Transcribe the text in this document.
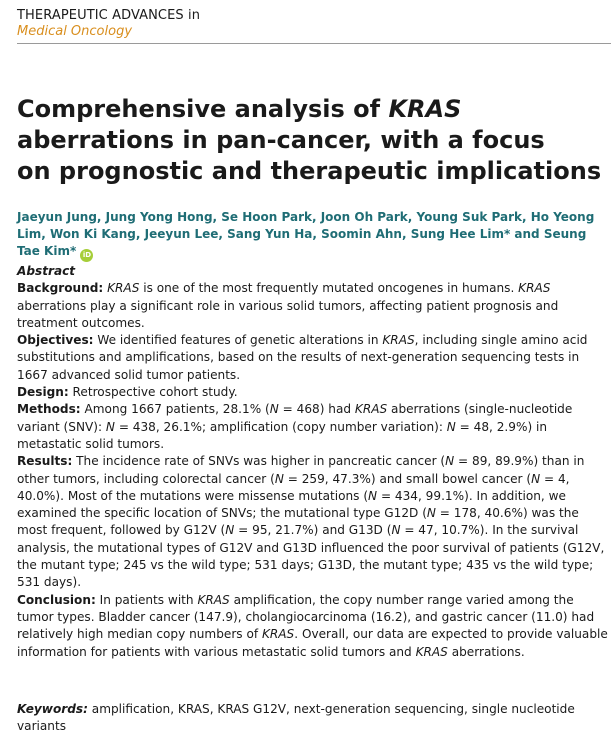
THERAPEUTIC ADVANCES in
Medical Oncology
Comprehensive analysis of KRAS
aberrations in pan-cancer, with a focus
on prognostic and therapeutic implications
Jaeyun Jung, Jung Yong Hong, Se Hoon Park, Joon Oh Park, Young Suk Park, Ho Yeong Lim, Won Ki Kang, Jeeyun Lee, Sang Yun Ha, Soomin Ahn, Sung Hee Lim* and Seung Tae Kim* iD

Abstract

Background: KRAS is one of the most frequently mutated oncogenes in humans. KRAS aberrations play a significant role in various solid tumors, affecting patient prognosis and treatment outcomes.

Objectives: We identified features of genetic alterations in KRAS, including single amino acid substitutions and amplifications, based on the results of next-generation sequencing tests in 1667 advanced solid tumor patients.

Design: Retrospective cohort study.

Methods: Among 1667 patients, 28.1% (N = 468) had KRAS aberrations (single-nucleotide variant (SNV): N = 438, 26.1%; amplification (copy number variation): N = 48, 2.9%) in metastatic solid tumors.

Results: The incidence rate of SNVs was higher in pancreatic cancer (N = 89, 89.9%) than in other tumors, including colorectal cancer (N = 259, 47.3%) and small bowel cancer (N = 4, 40.0%). Most of the mutations were missense mutations (N = 434, 99.1%). In addition, we examined the specific location of SNVs; the mutational type G12D (N = 178, 40.6%) was the most frequent, followed by G12V (N = 95, 21.7%) and G13D (N = 47, 10.7%). In the survival analysis, the mutational types of G12V and G13D influenced the poor survival of patients (G12V, the mutant type; 245 vs the wild type; 531 days; G13D, the mutant type; 435 vs the wild type; 531 days).

Conclusion: In patients with KRAS amplification, the copy number range varied among the tumor types. Bladder cancer (147.9), cholangiocarcinoma (16.2), and gastric cancer (11.0) had relatively high median copy numbers of KRAS. Overall, our data are expected to provide valuable information for patients with various metastatic solid tumors and KRAS aberrations.

Keywords: amplification, KRAS, KRAS G12V, next-generation sequencing, single nucleotide variants
